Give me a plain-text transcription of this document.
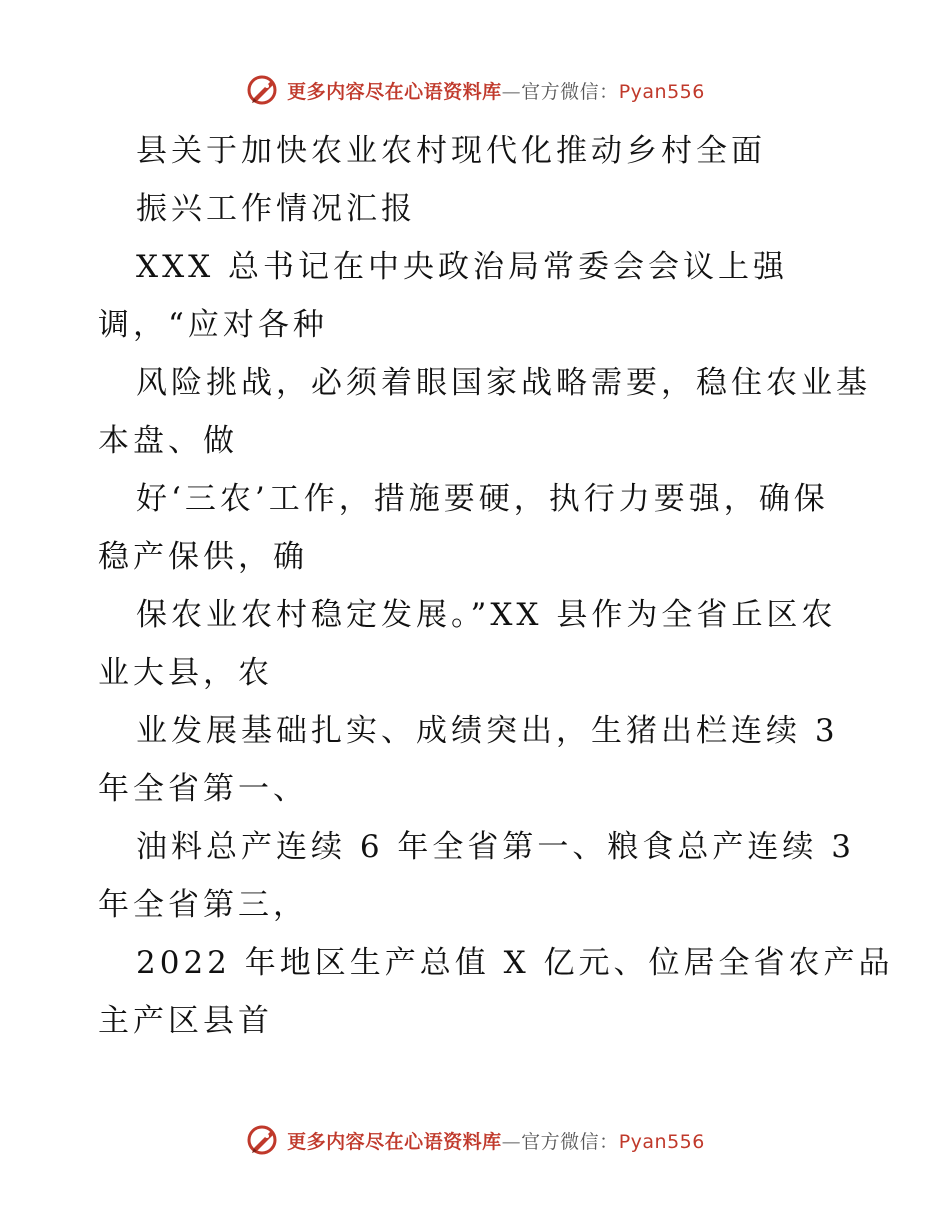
更多内容尽在心语资料库—官方微信：Pyan556
县关于加快农业农村现代化推动乡村全面
振兴工作情况汇报
XXX 总书记在中央政治局常委会会议上强
调，“应对各种
风险挑战，必须着眼国家战略需要，稳住农业基
本盘、做
好‘三农’工作，措施要硬，执行力要强，确保
稳产保供，确
保农业农村稳定发展。”XX 县作为全省丘区农
业大县，农
业发展基础扎实、成绩突出，生猪出栏连续 3
年全省第一、
油料总产连续 6 年全省第一、粮食总产连续 3
年全省第三，
2022 年地区生产总值 X 亿元、位居全省农产品
主产区县首
更多内容尽在心语资料库—官方微信：Pyan556
